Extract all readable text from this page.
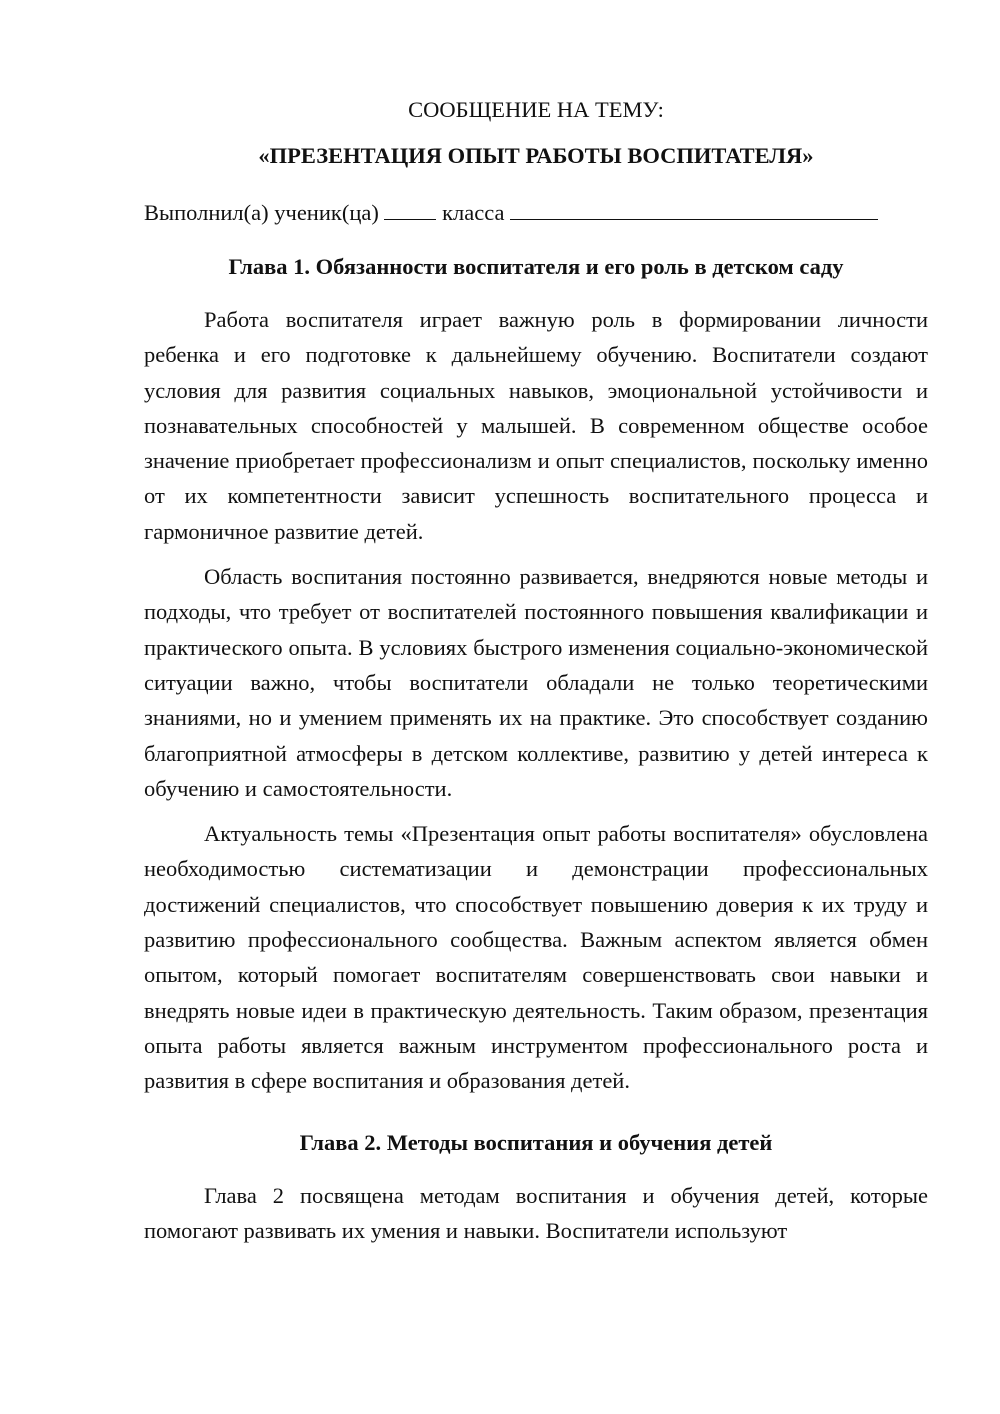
СООБЩЕНИЕ НА ТЕМУ:

«ПРЕЗЕНТАЦИЯ ОПЫТ РАБОТЫ ВОСПИТАТЕЛЯ»

Выполнил(а) ученик(ца)	класса

Глава 1. Обязанности воспитателя и его роль в детском саду

Работа воспитателя играет важную роль в формировании личности ребенка и его подготовке к дальнейшему обучению. Воспитатели создают условия для развития социальных навыков, эмоциональной устойчивости и познавательных способностей у малышей. В современном обществе особое значение приобретает профессионализм и опыт специалистов, поскольку именно от их компетентности зависит успешность воспитательного процесса и гармоничное развитие детей.

Область воспитания постоянно развивается, внедряются новые методы и подходы, что требует от воспитателей постоянного повышения квалификации и практического опыта. В условиях быстрого изменения социально-экономической ситуации важно, чтобы воспитатели обладали не только теоретическими знаниями, но и умением применять их на практике. Это способствует созданию благоприятной атмосферы в детском коллективе, развитию у детей интереса к обучению и самостоятельности.

Актуальность темы «Презентация опыт работы воспитателя» обусловлена необходимостью систематизации и демонстрации профессиональных достижений специалистов, что способствует повышению доверия к их труду и развитию профессионального сообщества. Важным аспектом является обмен опытом, который помогает воспитателям совершенствовать свои навыки и внедрять новые идеи в практическую деятельность. Таким образом, презентация опыта работы является важным инструментом профессионального роста и развития в сфере воспитания и образования детей.

Глава 2. Методы воспитания и обучения детей

Глава 2 посвящена методам воспитания и обучения детей, которые помогают развивать их умения и навыки. Воспитатели используют
